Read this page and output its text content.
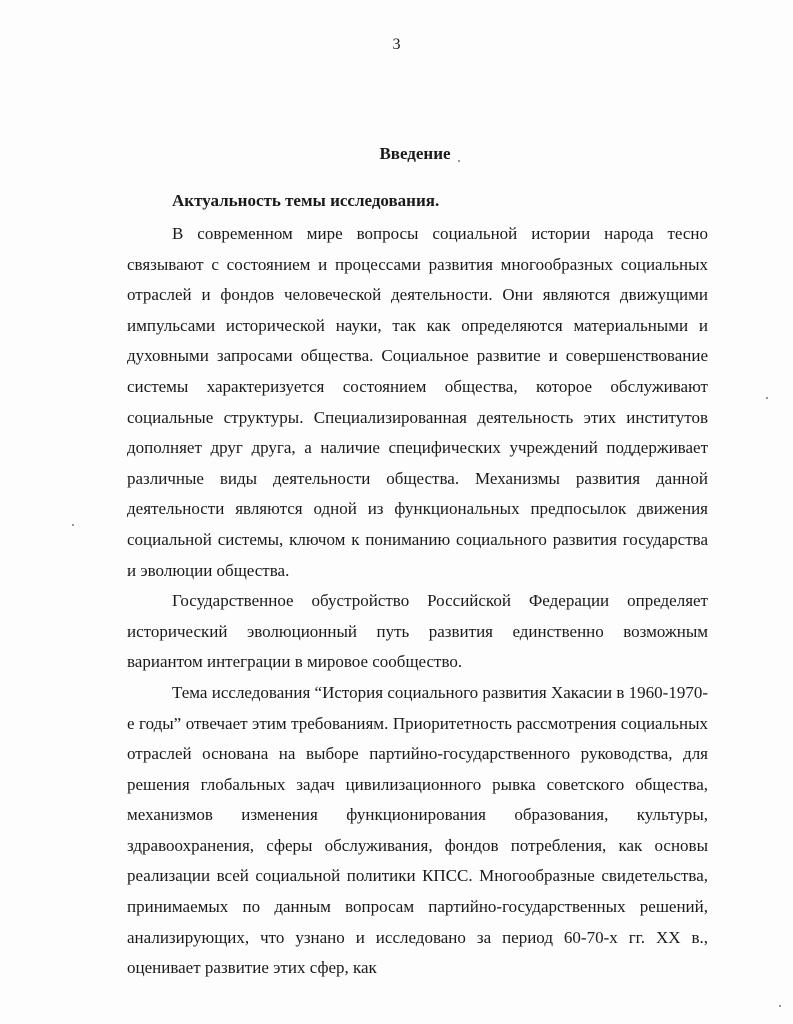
3
Введение
Актуальность темы исследования.

В современном мире вопросы социальной истории народа тесно связывают с состоянием и процессами развития многообразных социальных отраслей и фондов человеческой деятельности. Они являются движущими импульсами исторической науки, так как определяются материальными и духовными запросами общества. Социальное развитие и совершенствование системы характеризуется состоянием общества, которое обслуживают социальные структуры. Специализированная деятельность этих институтов дополняет друг друга, а наличие специфических учреждений поддерживает различные виды деятельности общества. Механизмы развития данной деятельности являются одной из функциональных предпосылок движения социальной системы, ключом к пониманию социального развития государства и эволюции общества.

Государственное обустройство Российской Федерации определяет исторический эволюционный путь развития единственно возможным вариантом интеграции в мировое сообщество.

Тема исследования “История социального развития Хакасии в 1960-1970-е годы” отвечает этим требованиям. Приоритетность рассмотрения социальных отраслей основана на выборе партийно-государственного руководства, для решения глобальных задач цивилизационного рывка советского общества, механизмов изменения функционирования образования, культуры, здравоохранения, сферы обслуживания, фондов потребления, как основы реализации всей социальной политики КПСС. Многообразные свидетельства, принимаемых по данным вопросам партийно-государственных решений, анализирующих, что узнано и исследовано за период 60-70-х гг. XX в., оценивает развитие этих сфер, как
